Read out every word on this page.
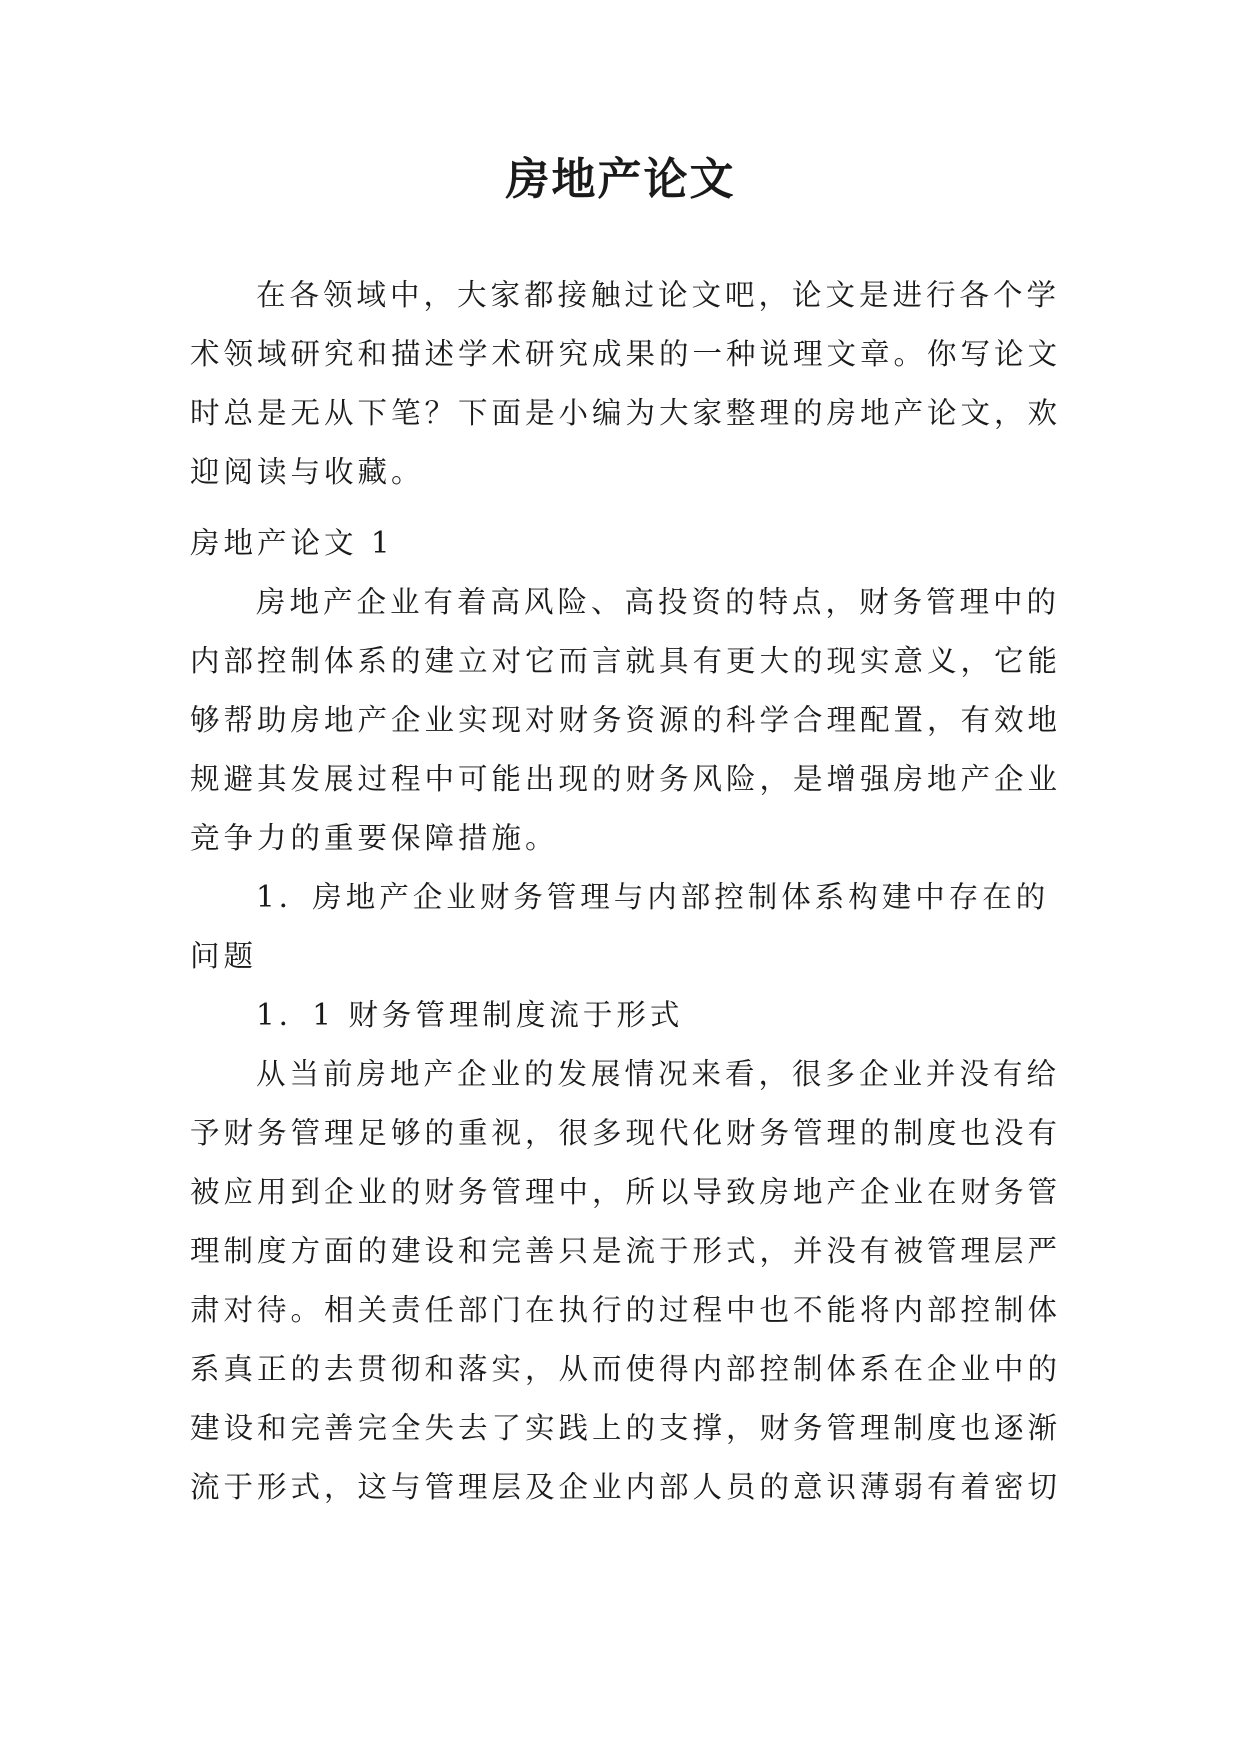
房地产论文
在各领域中，大家都接触过论文吧，论文是进行各个学
术领域研究和描述学术研究成果的一种说理文章。你写论文
时总是无从下笔？下面是小编为大家整理的房地产论文，欢
迎阅读与收藏。
房地产论文 1
房地产企业有着高风险、高投资的特点，财务管理中的
内部控制体系的建立对它而言就具有更大的现实意义，它能
够帮助房地产企业实现对财务资源的科学合理配置，有效地
规避其发展过程中可能出现的财务风险，是增强房地产企业
竞争力的重要保障措施。
1．房地产企业财务管理与内部控制体系构建中存在的
问题
1．1 财务管理制度流于形式
从当前房地产企业的发展情况来看，很多企业并没有给
予财务管理足够的重视，很多现代化财务管理的制度也没有
被应用到企业的财务管理中，所以导致房地产企业在财务管
理制度方面的建设和完善只是流于形式，并没有被管理层严
肃对待。相关责任部门在执行的过程中也不能将内部控制体
系真正的去贯彻和落实，从而使得内部控制体系在企业中的
建设和完善完全失去了实践上的支撑，财务管理制度也逐渐
流于形式，这与管理层及企业内部人员的意识薄弱有着密切
